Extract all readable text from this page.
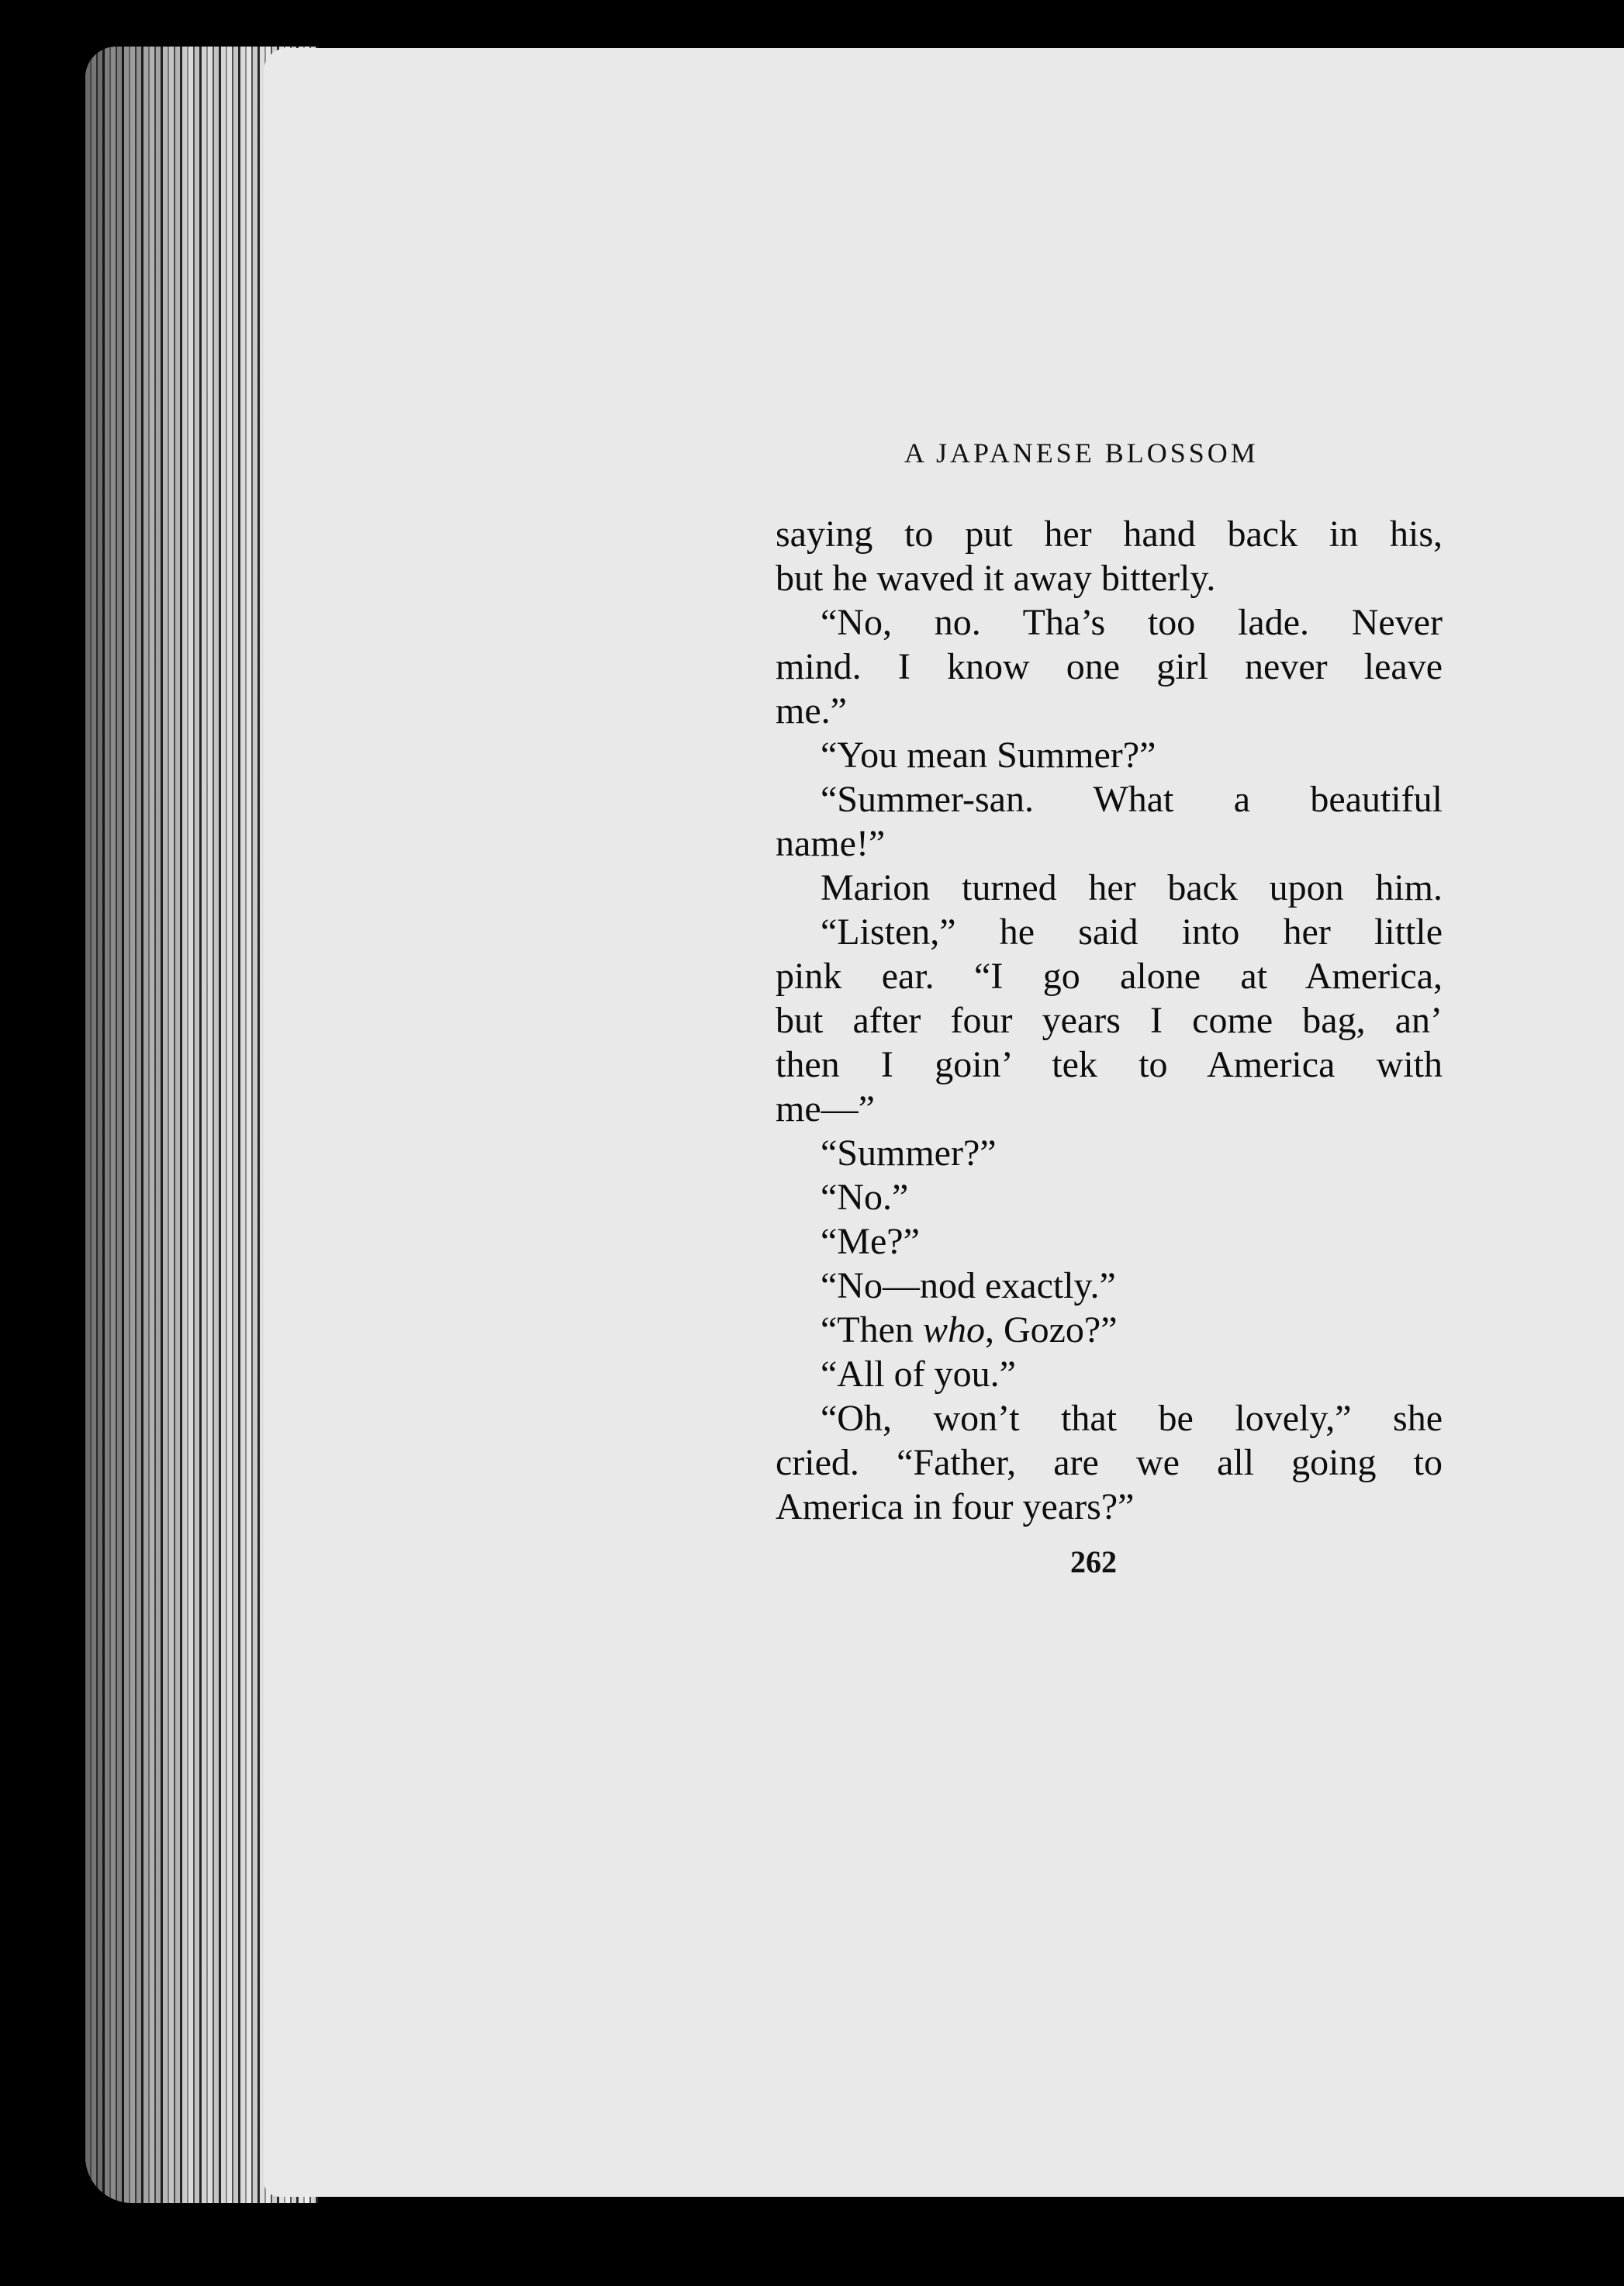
A JAPANESE BLOSSOM
saying to put her hand back in his,
but he waved it away bitterly.
“No, no. Tha’s too lade. Never
mind. I know one girl never leave
me.”
“You mean Summer?”
“Summer-san. What a beautiful
name!”
Marion turned her back upon him.
“Listen,” he said into her little
pink ear. “I go alone at America,
but after four years I come bag, an’
then I goin’ tek to America with
me—”
“Summer?”
“No.”
“Me?”
“No—nod exactly.”
“Then who, Gozo?”
“All of you.”
“Oh, won’t that be lovely,” she
cried. “Father, are we all going to
America in four years?”
262
